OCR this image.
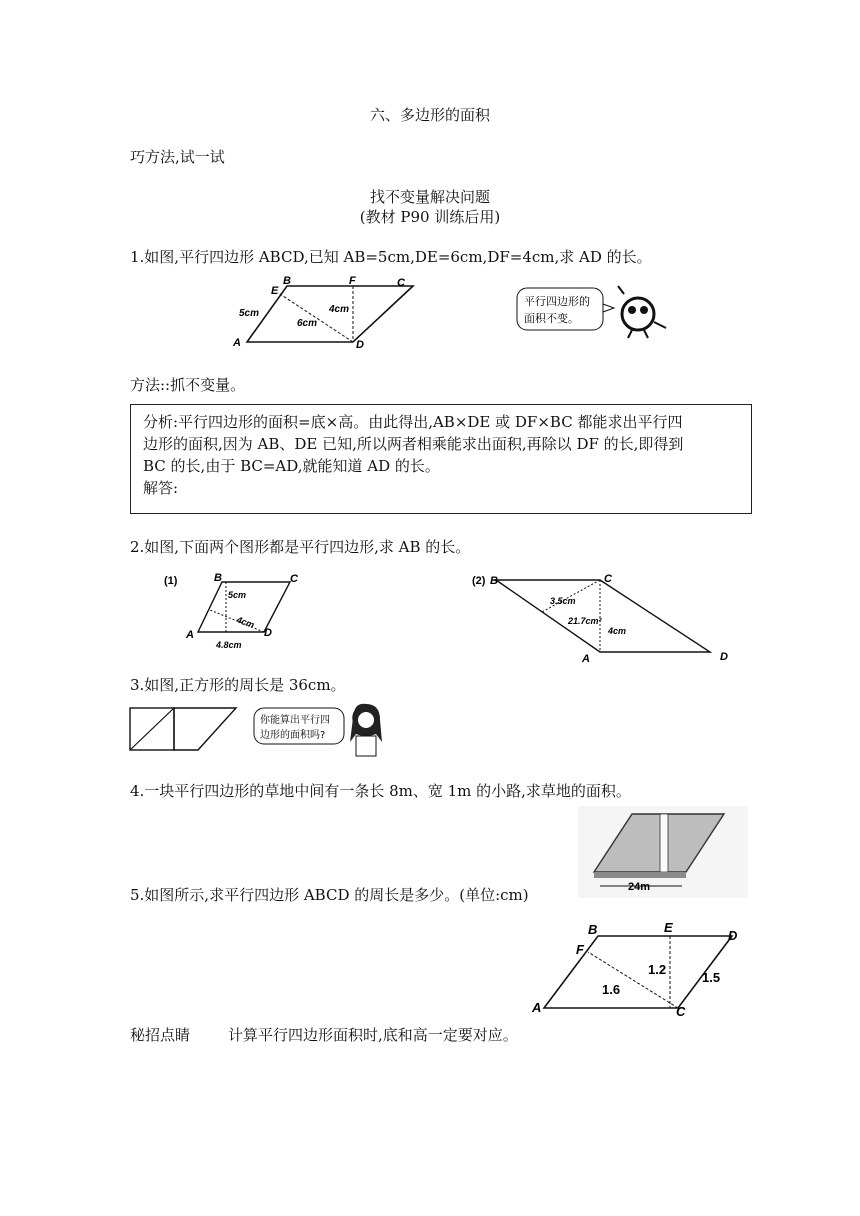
六、多边形的面积
巧方法,试一试
找不变量解决问题
(教材 P90 训练后用)
1.如图,平行四边形 ABCD,已知 AB=5cm,DE=6cm,DF=4cm,求 AD 的长。
B	F	C
E
A	D
5cm
6cm
4cm
平行四边形的
面积不变。
方法::抓不变量。

分析:平行四边形的面积=底×高。由此得出,AB×DE 或 DF×BC 都能求出平行四

边形的面积,因为 AB、DE 已知,所以两者相乘能求出面积,再除以 DF 的长,即得到

BC 的长,由于 BC=AD,就能知道 AD 的长。

解答:

2.如图,下面两个图形都是平行四边形,求 AB 的长。
(1)	B	C
A	D
5cm
4cm
4.8cm
(2) B	C
A	D
3.5cm
21.7cm²
4cm
3.如图,正方形的周长是 36cm。
你能算出平行四
边形的面积吗?
4.一块平行四边形的草地中间有一条长 8m、宽 1m 的小路,求草地的面积。
24m
5.如图所示,求平行四边形 ABCD 的周长是多少。(单位:cm)
B	E
D
F
A	C
1.2
1.6
1.5
秘招点睛	计算平行四边形面积时,底和高一定要对应。
